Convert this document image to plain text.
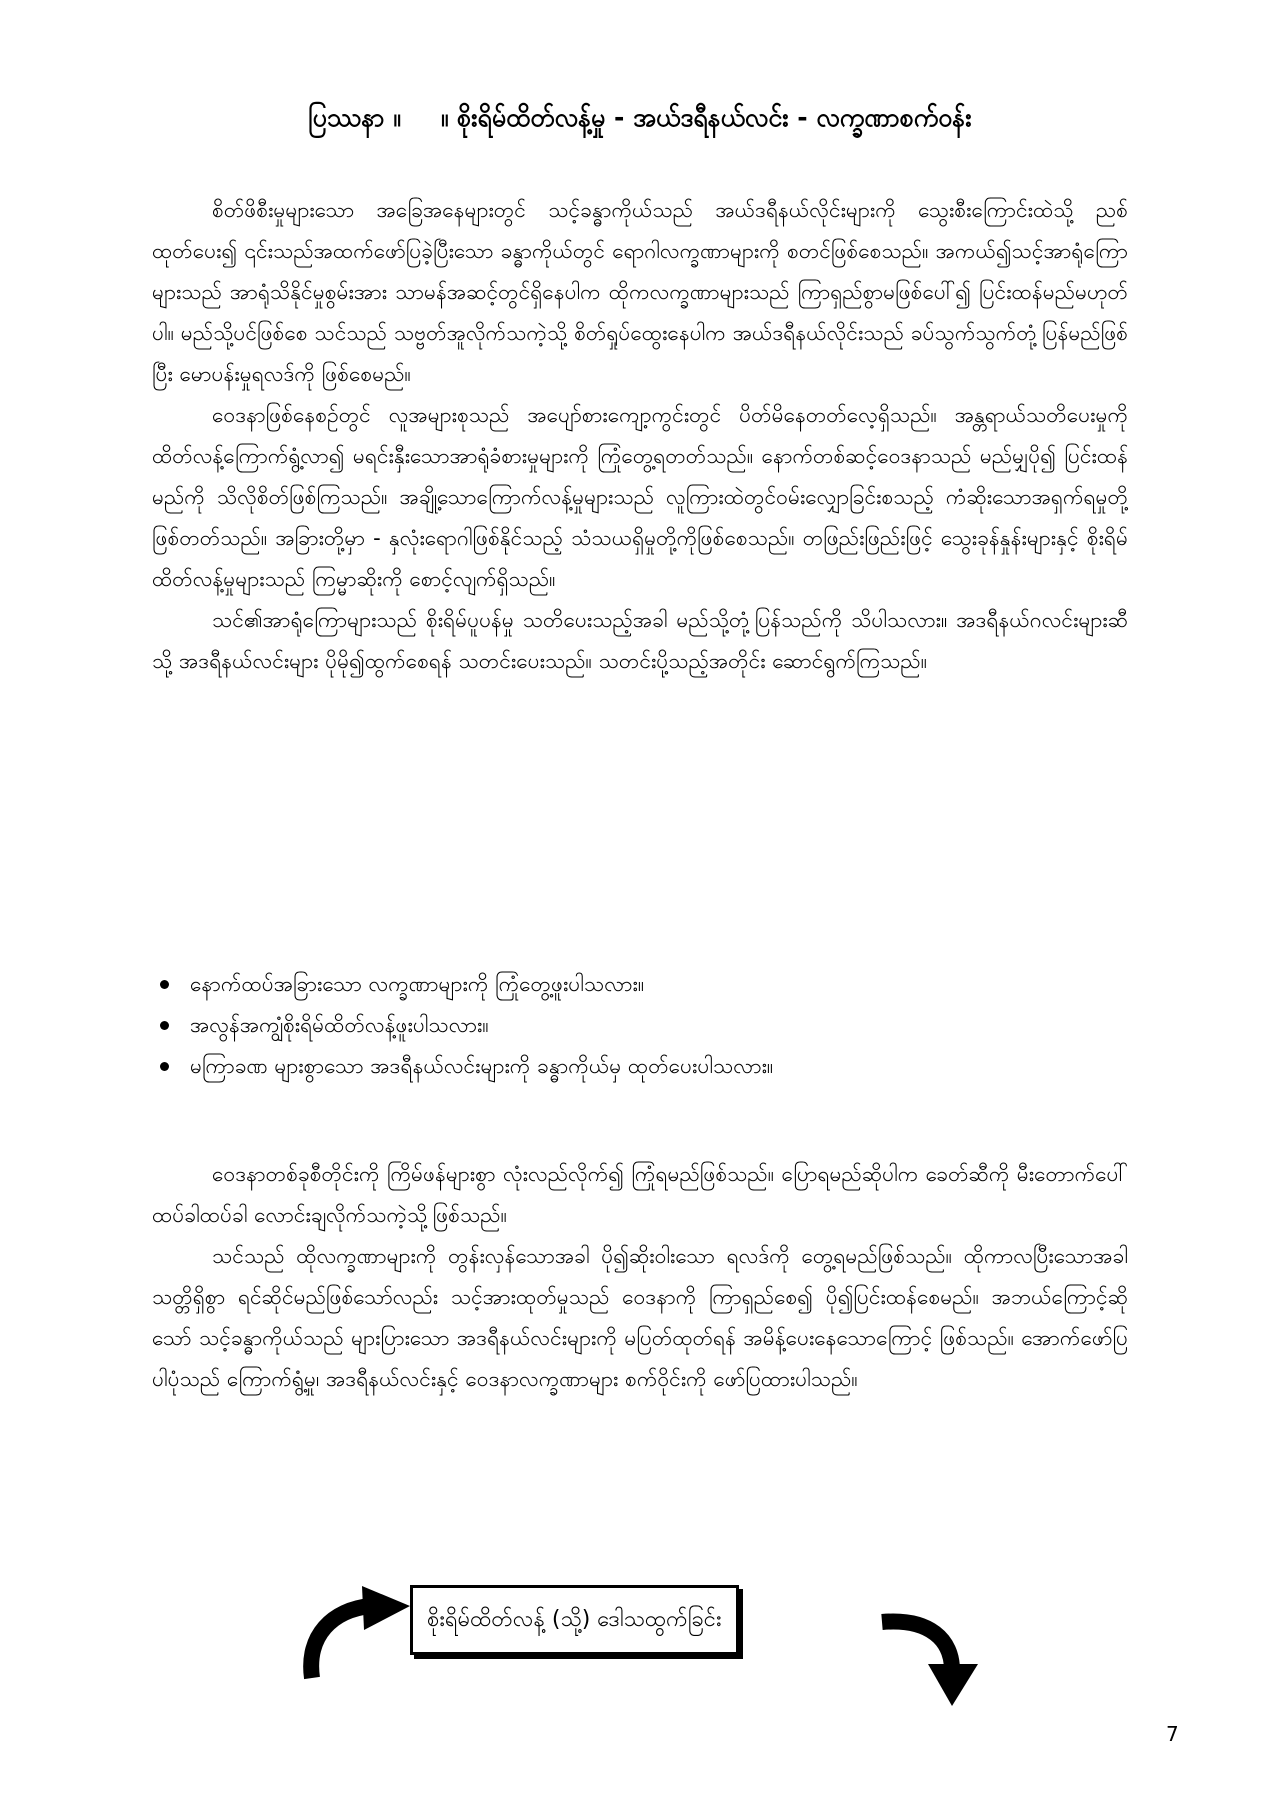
ပြဿနာ ။ ။ စိုးရိမ်ထိတ်လန့်မှု - အယ်ဒရီနယ်လင်း - လက္ခဏာစက်ဝန်း

စိတ်ဖိစီးမှုများသော အခြေအနေများတွင် သင့်ခန္ဓာကိုယ်သည် အယ်ဒရီနယ်လိုင်းများကို သွေးစီးကြောင်းထဲသို့ ညစ်ထုတ်ပေး၍ ၎င်းသည်အထက်ဖော်ပြခဲ့ပြီးသော ခန္ဓာကိုယ်တွင် ရောဂါလက္ခဏာများကို စတင်ဖြစ်စေသည်။ အကယ်၍သင့်အာရုံကြောများသည် အာရုံသိနိုင်မှုစွမ်းအား သာမန်အဆင့်တွင်ရှိနေပါက ထိုကလက္ခဏာများသည် ကြာရှည်စွာမဖြစ်ပေါ်၍ ပြင်းထန်မည်မဟုတ်ပါ။ မည်သို့ပင်ဖြစ်စေ သင်သည် သဗ္ဗတ်အူလိုက်သကဲ့သို့ စိတ်ရှုပ်ထွေးနေပါက အယ်ဒရီနယ်လိုင်းသည် ခပ်သွက်သွက်တုံ့ပြန်မည်ဖြစ်ပြီး မောပန်းမှုရလဒ်ကို ဖြစ်စေမည်။

ဝေဒနာဖြစ်နေစဉ်တွင် လူအများစုသည် အပျော်စားကျော့ကွင်းတွင် ပိတ်မိနေတတ်လေ့ရှိသည်။ အန္တရာယ်သတိပေးမှုကို ထိတ်လန့်ကြောက်ရွံ့လာ၍ မရင်းနှီးသောအာရုံခံစားမှုများကို ကြုံတွေ့ရတတ်သည်။ နောက်တစ်ဆင့်ဝေဒနာသည် မည်မျှပို၍ ပြင်းထန်မည်ကို သိလိုစိတ်ဖြစ်ကြသည်။ အချို့သောကြောက်လန့်မှုများသည် လူကြားထဲတွင်ဝမ်းလျှောခြင်းစသည့် ကံဆိုးသောအရှက်ရမှုတို့ဖြစ်တတ်သည်။ အခြားတို့မှာ - နှလုံးရောဂါဖြစ်နိုင်သည့် သံသယရှိမှုတို့ကိုဖြစ်စေသည်။ တဖြည်းဖြည်းဖြင့် သွေးခုန်နှုန်းများနှင့် စိုးရိမ်ထိတ်လန့်မှုများသည် ကြမ္မာဆိုးကို စောင့်လျက်ရှိသည်။

သင်၏အာရုံကြောများသည် စိုးရိမ်ပူပန်မှု သတိပေးသည့်အခါ မည်သို့တုံ့ပြန်သည်ကို သိပါသလား။ အဒရီနယ်ဂလင်းများဆီသို့ အဒရီနယ်လင်းများ ပိုမို၍ထွက်စေရန် သတင်းပေးသည်။ သတင်းပို့သည့်အတိုင်း ဆောင်ရွက်ကြသည်။

နောက်ထပ်အခြားသော လက္ခဏာများကို ကြုံတွေ့ဖူးပါသလား။
အလွန်အကျွံစိုးရိမ်ထိတ်လန့်ဖူးပါသလား။
မကြာခဏ များစွာသော အဒရီနယ်လင်းများကို ခန္ဓာကိုယ်မှ ထုတ်ပေးပါသလား။

ဝေဒနာတစ်ခုစီတိုင်းကို ကြိမ်ဖန်များစွာ လုံးလည်လိုက်၍ ကြုံရမည်ဖြစ်သည်။ ပြောရမည်ဆိုပါက ခေတ်ဆီကို မီးတောက်ပေါ် ထပ်ခါထပ်ခါ လောင်းချလိုက်သကဲ့သို့ဖြစ်သည်။

သင်သည် ထိုလက္ခဏာများကို တွန်းလှန်သောအခါ ပို၍ဆိုးဝါးသော ရလဒ်ကို တွေ့ရမည်ဖြစ်သည်။ ထိုကာလပြီးသောအခါ သတ္တိရှိစွာ ရင်ဆိုင်မည်ဖြစ်သော်လည်း သင့်အားထုတ်မှုသည် ဝေဒနာကို ကြာရှည်စေ၍ ပို၍ပြင်းထန်စေမည်။ အဘယ်ကြောင့်ဆိုသော် သင့်ခန္ဓာကိုယ်သည် များပြားသော အဒရီနယ်လင်းများကို မပြတ်ထုတ်ရန် အမိန့်ပေးနေသောကြောင့် ဖြစ်သည်။ အောက်ဖော်ပြပါပုံသည် ကြောက်ရွံ့မှု၊ အဒရီနယ်လင်းနှင့် ဝေဒနာလက္ခဏာများ စက်ဝိုင်းကို ဖော်ပြထားပါသည်။

စိုးရိမ်ထိတ်လန့် (သို့) ဒေါသထွက်ခြင်း
7
